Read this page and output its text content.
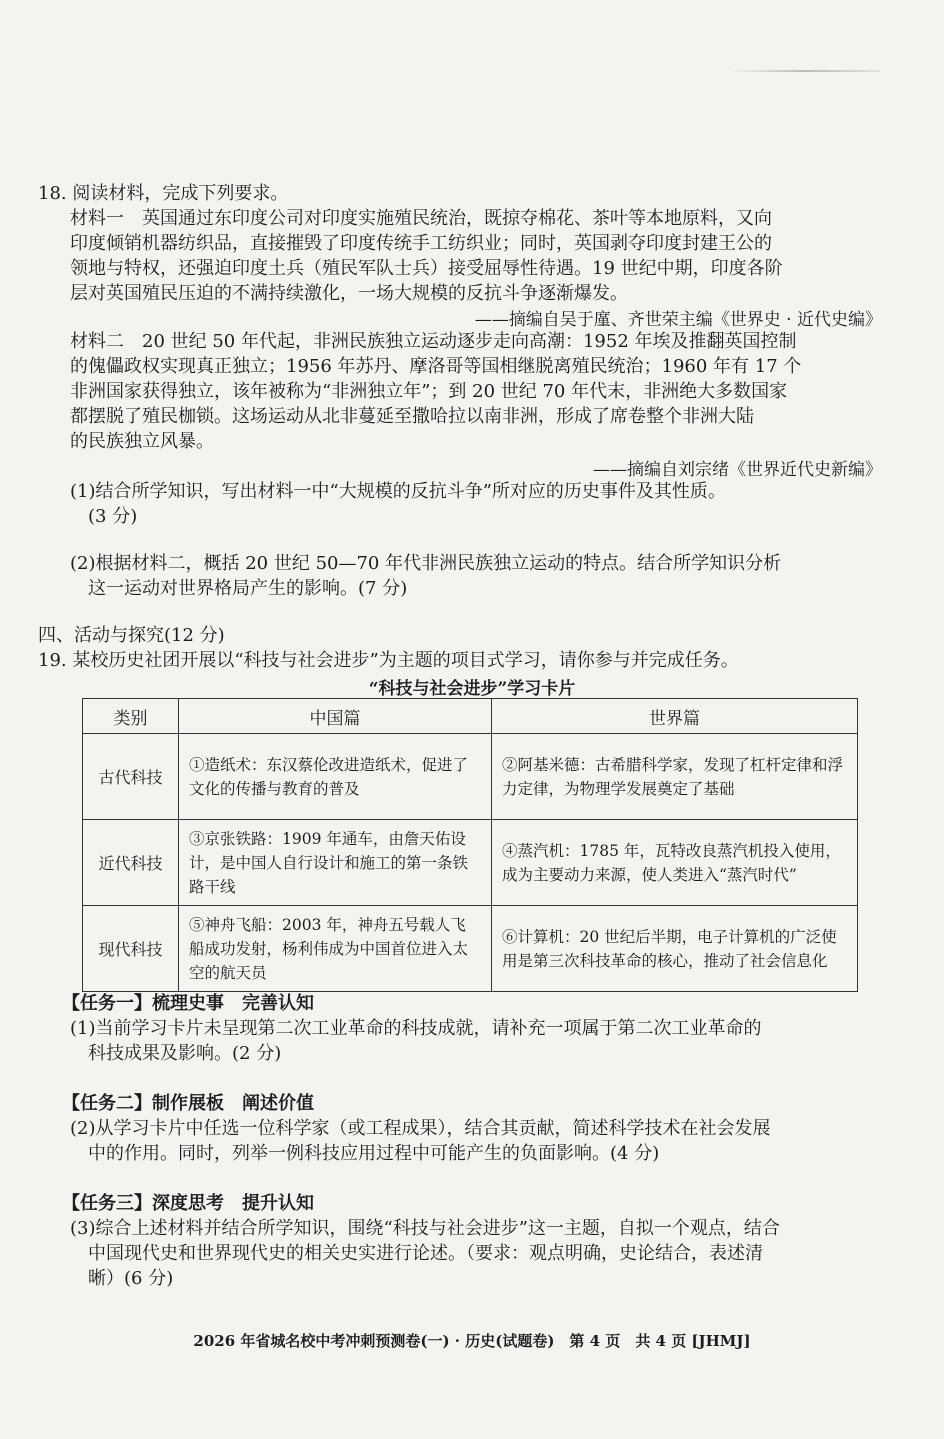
18. 阅读材料，完成下列要求。
材料一　英国通过东印度公司对印度实施殖民统治，既掠夺棉花、茶叶等本地原料，又向
印度倾销机器纺织品，直接摧毁了印度传统手工纺织业；同时，英国剥夺印度封建王公的
领地与特权，还强迫印度土兵（殖民军队士兵）接受屈辱性待遇。19 世纪中期，印度各阶
层对英国殖民压迫的不满持续激化，一场大规模的反抗斗争逐渐爆发。
——摘编自吴于廑、齐世荣主编《世界史 · 近代史编》
材料二　20 世纪 50 年代起，非洲民族独立运动逐步走向高潮：1952 年埃及推翻英国控制
的傀儡政权实现真正独立；1956 年苏丹、摩洛哥等国相继脱离殖民统治；1960 年有 17 个
非洲国家获得独立，该年被称为“非洲独立年”；到 20 世纪 70 年代末，非洲绝大多数国家
都摆脱了殖民枷锁。这场运动从北非蔓延至撒哈拉以南非洲，形成了席卷整个非洲大陆
的民族独立风暴。
——摘编自刘宗绪《世界近代史新编》
(1)结合所学知识，写出材料一中“大规模的反抗斗争”所对应的历史事件及其性质。
　(3 分)
(2)根据材料二，概括 20 世纪 50—70 年代非洲民族独立运动的特点。结合所学知识分析
　这一运动对世界格局产生的影响。(7 分)
四、活动与探究(12 分)
19. 某校历史社团开展以“科技与社会进步”为主题的项目式学习，请你参与并完成任务。
“科技与社会进步”学习卡片
类别	中国篇	世界篇
古代科技	①造纸术：东汉蔡伦改进造纸术，促进了文化的传播与教育的普及	②阿基米德：古希腊科学家，发现了杠杆定律和浮力定律，为物理学发展奠定了基础
近代科技	③京张铁路：1909 年通车，由詹天佑设计，是中国人自行设计和施工的第一条铁路干线	④蒸汽机：1785 年，瓦特改良蒸汽机投入使用，成为主要动力来源，使人类进入“蒸汽时代”
现代科技	⑤神舟飞船：2003 年，神舟五号载人飞船成功发射，杨利伟成为中国首位进入太空的航天员	⑥计算机：20 世纪后半期，电子计算机的广泛使用是第三次科技革命的核心，推动了社会信息化
【任务一】梳理史事　完善认知
(1)当前学习卡片未呈现第二次工业革命的科技成就，请补充一项属于第二次工业革命的
　科技成果及影响。(2 分)
【任务二】制作展板　阐述价值
(2)从学习卡片中任选一位科学家（或工程成果），结合其贡献，简述科学技术在社会发展
　中的作用。同时，列举一例科技应用过程中可能产生的负面影响。(4 分)
【任务三】深度思考　提升认知
(3)综合上述材料并结合所学知识，围绕“科技与社会进步”这一主题，自拟一个观点，结合
　中国现代史和世界现代史的相关史实进行论述。（要求：观点明确，史论结合，表述清
　晰）(6 分)
2026 年省城名校中考冲刺预测卷(一) · 历史(试题卷)　第 4 页　共 4 页 [JHMJ]
